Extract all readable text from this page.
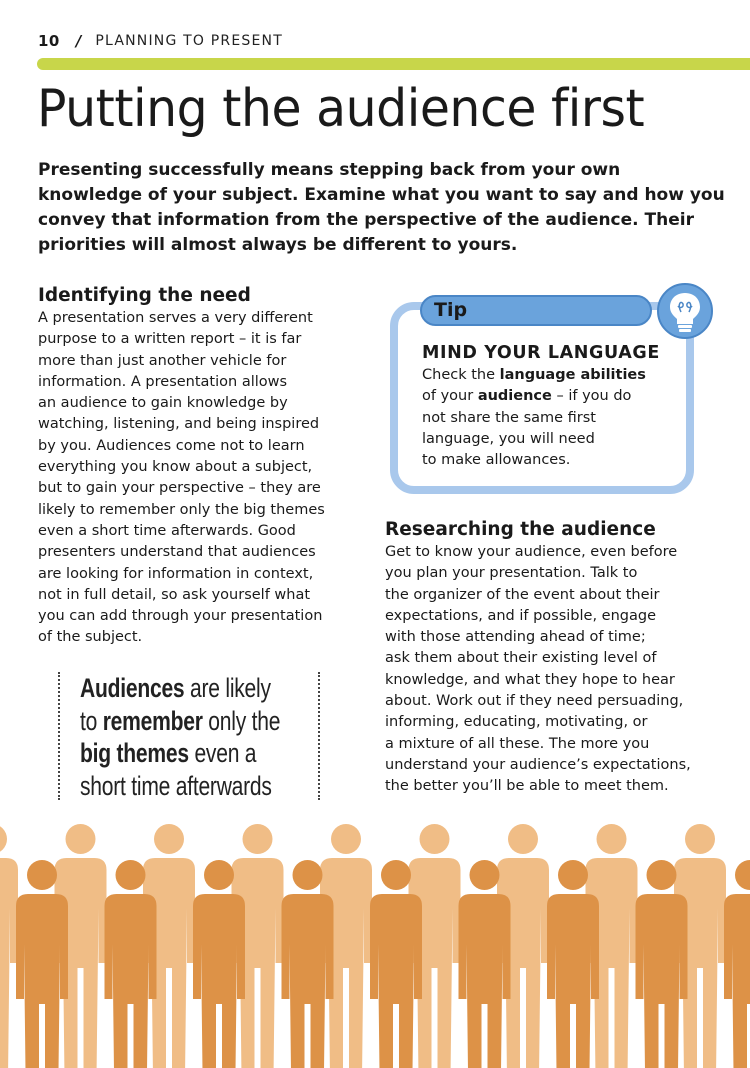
10 / PLANNING TO PRESENT
Putting the audience first

Presenting successfully means stepping back from your own knowledge of your subject. Examine what you want to say and how you convey that information from the perspective of the audience. Their priorities will almost always be different to yours.

Identifying the need
A presentation serves a very different
purpose to a written report – it is far
more than just another vehicle for
information. A presentation allows
an audience to gain knowledge by
watching, listening, and being inspired
by you. Audiences come not to learn
everything you know about a subject,
but to gain your perspective – they are
likely to remember only the big themes
even a short time afterwards. Good
presenters understand that audiences
are looking for information in context,
not in full detail, so ask yourself what
you can add through your presentation
of the subject.

Audiences are likely

to remember only the

big themes even a

short time afterwards

Tip
MIND YOUR LANGUAGE
Check the language abilities
of your audience – if you do
not share the same first
language, you will need
to make allowances.
Researching the audience
Get to know your audience, even before
you plan your presentation. Talk to
the organizer of the event about their
expectations, and if possible, engage
with those attending ahead of time;
ask them about their existing level of
knowledge, and what they hope to hear
about. Work out if they need persuading,
informing, educating, motivating, or
a mixture of all these. The more you
understand your audience’s expectations,
the better you’ll be able to meet them.
